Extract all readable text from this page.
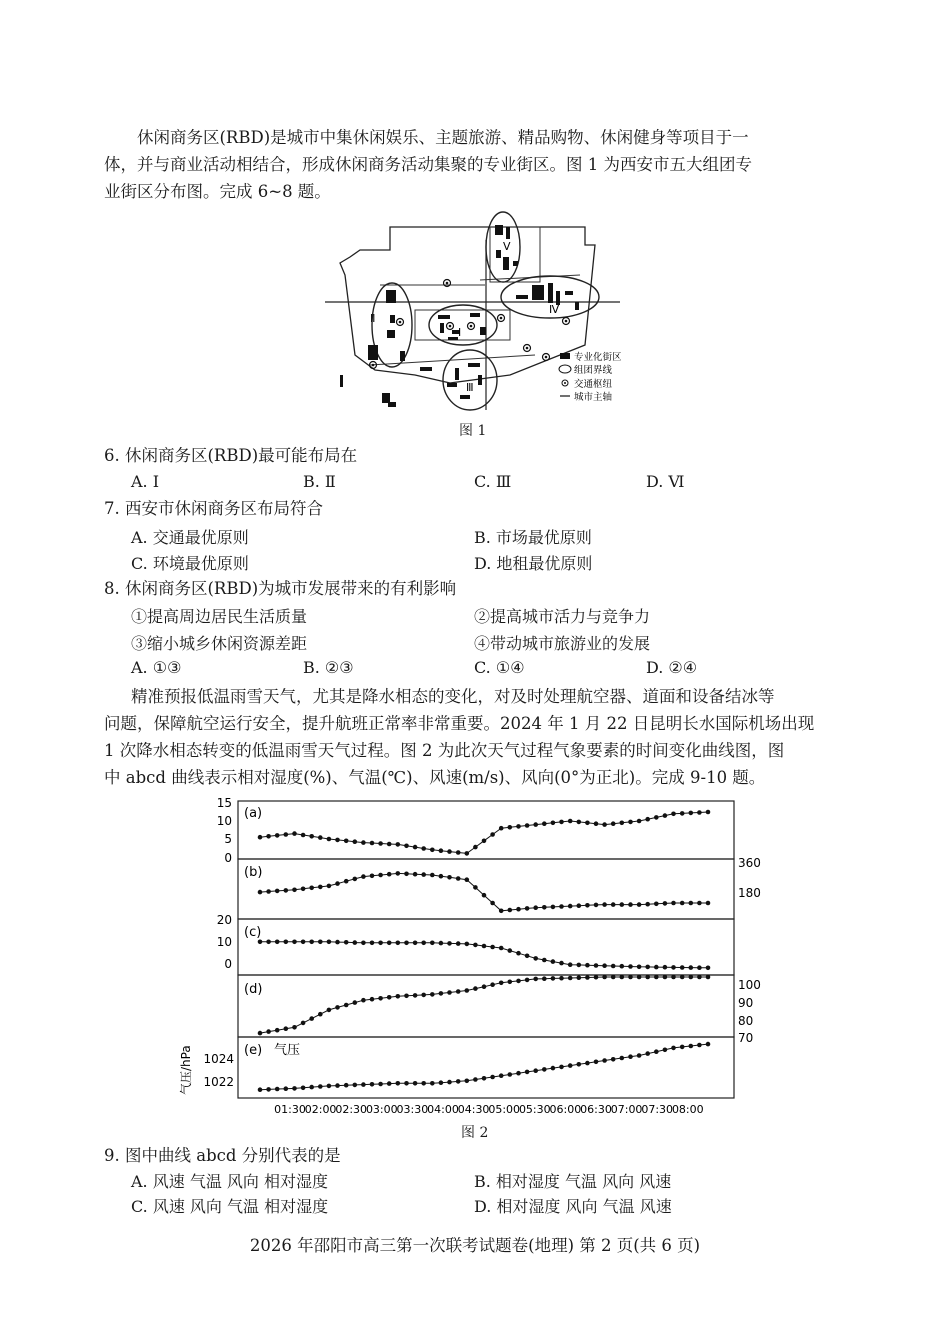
休闲商务区(RBD)是城市中集休闲娱乐、主题旅游、精品购物、休闲健身等项目于一
体，并与商业活动相结合，形成休闲商务活动集聚的专业街区。图 1 为西安市五大组团专
业街区分布图。完成 6~8 题。
Ⅱ
Ⅰ
Ⅲ
Ⅳ
Ⅴ
专业化街区
组团界线
交通枢纽
城市主轴
图 1
6. 休闲商务区(RBD)最可能布局在
A. Ⅰ	B. Ⅱ	C. Ⅲ	D. Ⅵ
7. 西安市休闲商务区布局符合
A. 交通最优原则	B. 市场最优原则
C. 环境最优原则	D. 地租最优原则
8. 休闲商务区(RBD)为城市发展带来的有利影响
①提高周边居民生活质量	②提高城市活力与竞争力
③缩小城乡休闲资源差距	④带动城市旅游业的发展
A. ①③	B. ②③	C. ①④	D. ②④
精准预报低温雨雪天气，尤其是降水相态的变化，对及时处理航空器、道面和设备结冰等
问题，保障航空运行安全，提升航班正常率非常重要。2024 年 1 月 22 日昆明长水国际机场出现
1 次降水相态转变的低温雨雪天气过程。图 2 为此次天气过程气象要素的时间变化曲线图，图
中 abcd 曲线表示相对湿度(%)、气温(℃)、风速(m/s)、风向(0°为正北)。完成 9-10 题。
(a)
(b)
(c)
(d)
(e) 气压
15
10
5
0
20
10
0
1024
1022
气压/hPa
360
180
100
90
80
70
01:30
02:00
02:30
03:00
03:30
04:00
04:30
05:00
05:30
06:00
06:30
07:00
07:30
08:00
图 2
9. 图中曲线 abcd 分别代表的是
A. 风速 气温 风向 相对湿度	B. 相对湿度 气温 风向 风速
C. 风速 风向 气温 相对湿度	D. 相对湿度 风向 气温 风速
2026 年邵阳市高三第一次联考试题卷(地理) 第 2 页(共 6 页)
